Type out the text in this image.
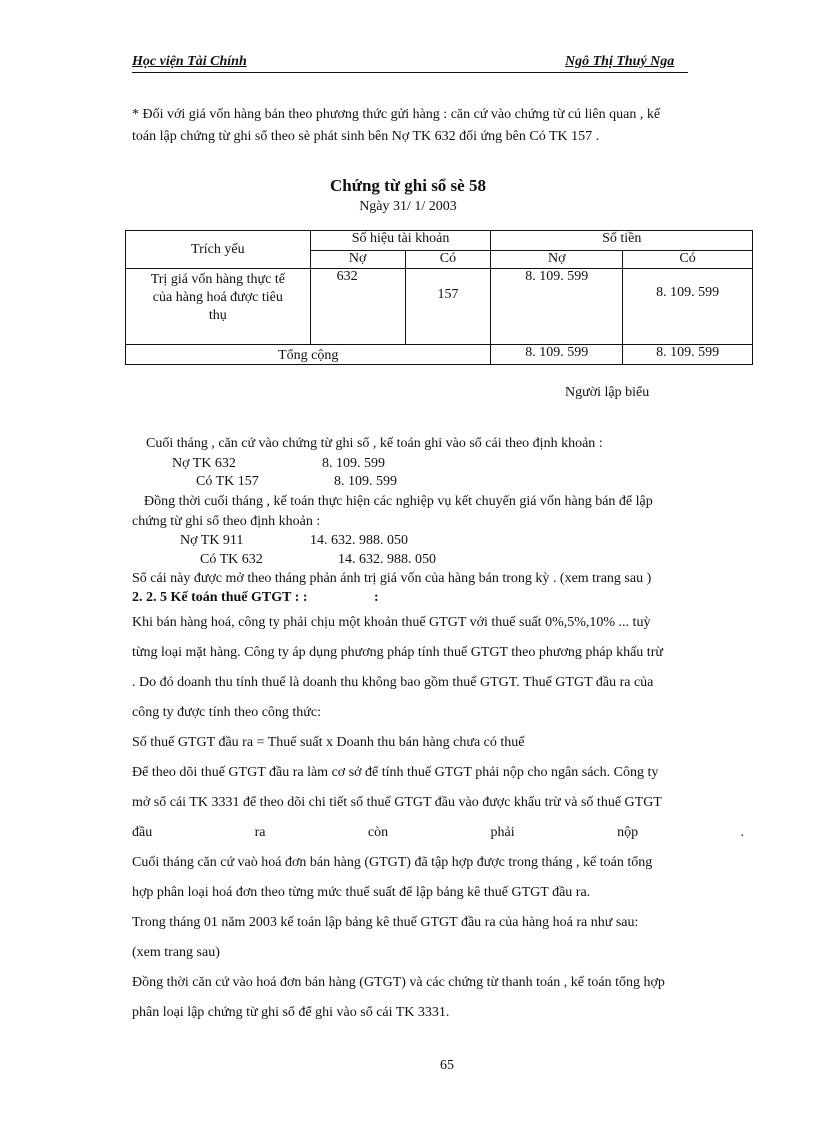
Học viện Tài Chính	Ngô Thị Thuý Nga
* Đối với giá vốn hàng bán theo phương thức gửi hàng : căn cứ vào chứng từ cú liên quan , kế
toán lập chứng từ ghi sổ theo sè phát sinh bên Nợ TK 632 đối ứng bên Có TK 157 .
Chứng từ ghi sổ sè 58
Ngày 31/ 1/ 2003
Trích yếu	Số hiệu tài khoản		Số tiền	
	Nợ	Có	Nợ	Có

Trị giá vốn hàng thực tế
của hàng hoá được tiêu
thụ	632	157	8. 109. 599	8. 109. 599
Tổng cộng			8. 109. 599	8. 109. 599
Người lập biểu
Cuối tháng , căn cứ vào chứng từ ghi sổ , kế toán ghi vào sổ cái theo định khoản :
Nợ TK 632	8. 109. 599
Có TK 157	8. 109. 599
Đồng thời cuối tháng , kế toán thực hiện các nghiệp vụ kết chuyển giá vốn hàng bán để lập
chứng từ ghi sổ theo định khoản :
Nợ TK 911	14. 632. 988. 050
Có TK 632	14. 632. 988. 050
Sổ cái này được mở theo tháng phản ánh trị giá vốn của hàng bán trong kỳ . (xem trang sau )
2. 2. 5 Kế toán thuế GTGT : :	:
Khi bán hàng hoá, công ty phải chịu một khoản thuế GTGT với thuế suất 0%,5%,10% ... tuỳ
từng loại mặt hàng. Công ty áp dụng phương pháp tính thuế GTGT theo phương pháp khấu trừ
. Do đó doanh thu tính thuế là doanh thu không bao gồm thuế GTGT. Thuế GTGT đầu ra của
công ty được tính theo công thức:
Số thuế GTGT đầu ra = Thuế suất x Doanh thu bán hàng chưa có thuế
Để theo dõi thuế GTGT đầu ra làm cơ sở để tính thuế GTGT phải nộp cho ngân sách. Công ty
mở sổ cái TK 3331 để theo dõi chi tiết số thuế GTGT đầu vào được khấu trừ và số thuế GTGT
đầu	ra	còn	phải	nộp	.
Cuối tháng căn cứ vaò hoá đơn bán hàng (GTGT) đã tập hợp được trong tháng , kế toán tổng
hợp phân loại hoá đơn theo từng mức thuế suất để lập bảng kê thuế GTGT đầu ra.
Trong tháng 01 năm 2003 kế toán lập bảng kê thuế GTGT đầu ra của hàng hoá ra như sau:
(xem trang sau)
Đồng thời căn cứ vào hoá đơn bán hàng (GTGT) và các chứng từ thanh toán , kế toán tổng hợp
phân loại lập chứng từ ghi sổ để ghi vào sổ cái TK 3331.
65
